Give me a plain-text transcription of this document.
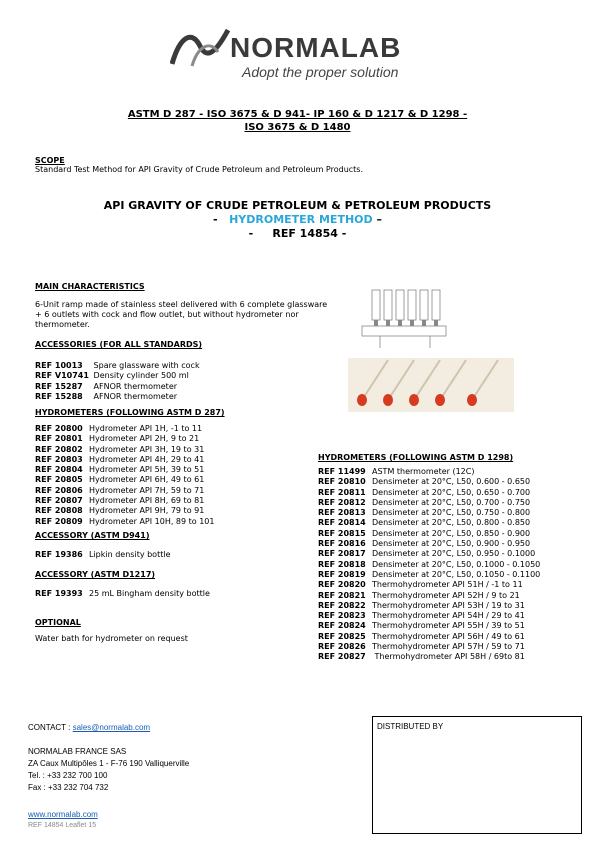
NORMALAB
Adopt the proper solution
ASTM D 287 - ISO 3675 & D 941- IP 160 & D 1217 & D 1298 -
ISO 3675 & D 1480
SCOPE
Standard Test Method for API Gravity of Crude Petroleum and Petroleum Products.
API GRAVITY OF CRUDE PETROLEUM & PETROLEUM PRODUCTS
- HYDROMETER METHOD –
-     REF 14854 -
MAIN CHARACTERISTICS
6-Unit ramp made of stainless steel delivered with 6 complete glassware
+ 6 outlets with cock and flow outlet, but without hydrometer nor
thermometer.
ACCESSORIES (FOR ALL STANDARDS)
REF 10013 Spare glassware with cock
REF V10741 Density cylinder 500 ml
REF 15287 AFNOR thermometer
REF 15288 AFNOR thermometer
HYDROMETERS (FOLLOWING ASTM D 287)
REF 20800 Hydrometer API 1H, -1 to 11
REF 20801 Hydrometer API 2H, 9 to 21
REF 20802 Hydrometer API 3H, 19 to 31
REF 20803 Hydrometer API 4H, 29 to 41
REF 20804 Hydrometer API 5H, 39 to 51
REF 20805 Hydrometer API 6H, 49 to 61
REF 20806 Hydrometer API 7H, 59 to 71
REF 20807 Hydrometer API 8H, 69 to 81
REF 20808 Hydrometer API 9H, 79 to 91
REF 20809 Hydrometer API 10H, 89 to 101
ACCESSORY (ASTM D941)
REF 19386 Lipkin density bottle
ACCESSORY (ASTM D1217)
REF 19393 25 mL Bingham density bottle
OPTIONAL
Water bath for hydrometer on request
HYDROMETERS (FOLLOWING ASTM D 1298)
REF 11499 ASTM thermometer (12C)
REF 20810 Densimeter at 20°C, L50, 0.600 - 0.650
REF 20811 Densimeter at 20°C, L50, 0.650 - 0.700
REF 20812 Densimeter at 20°C, L50, 0.700 - 0.750
REF 20813 Densimeter at 20°C, L50, 0.750 - 0.800
REF 20814 Densimeter at 20°C, L50, 0.800 - 0.850
REF 20815 Densimeter at 20°C, L50, 0.850 - 0.900
REF 20816 Densimeter at 20°C, L50, 0.900 - 0.950
REF 20817 Densimeter at 20°C, L50, 0.950 - 0.1000
REF 20818 Densimeter at 20°C, L50, 0.1000 - 0.1050
REF 20819 Densimeter at 20°C, L50, 0.1050 - 0.1100
REF 20820 Thermohydrometer API 51H / -1 to 11
REF 20821 Thermohydrometer API 52H / 9 to 21
REF 20822 Thermohydrometer API 53H / 19 to 31
REF 20823 Thermohydrometer API 54H / 29 to 41
REF 20824 Thermohydrometer API 55H / 39 to 51
REF 20825 Thermohydrometer API 56H / 49 to 61
REF 20826 Thermohydrometer API 57H / 59 to 71
REF 20827 Thermohydrometer API 58H / 69to 81
CONTACT : sales@normalab.com
NORMALAB FRANCE SAS
ZA Caux Multipôles 1 - F-76 190 Valliquerville
Tel. : +33 232 700 100
Fax : +33 232 704 732
www.normalab.com
REF 14854 Leaflet 15
DISTRIBUTED BY
